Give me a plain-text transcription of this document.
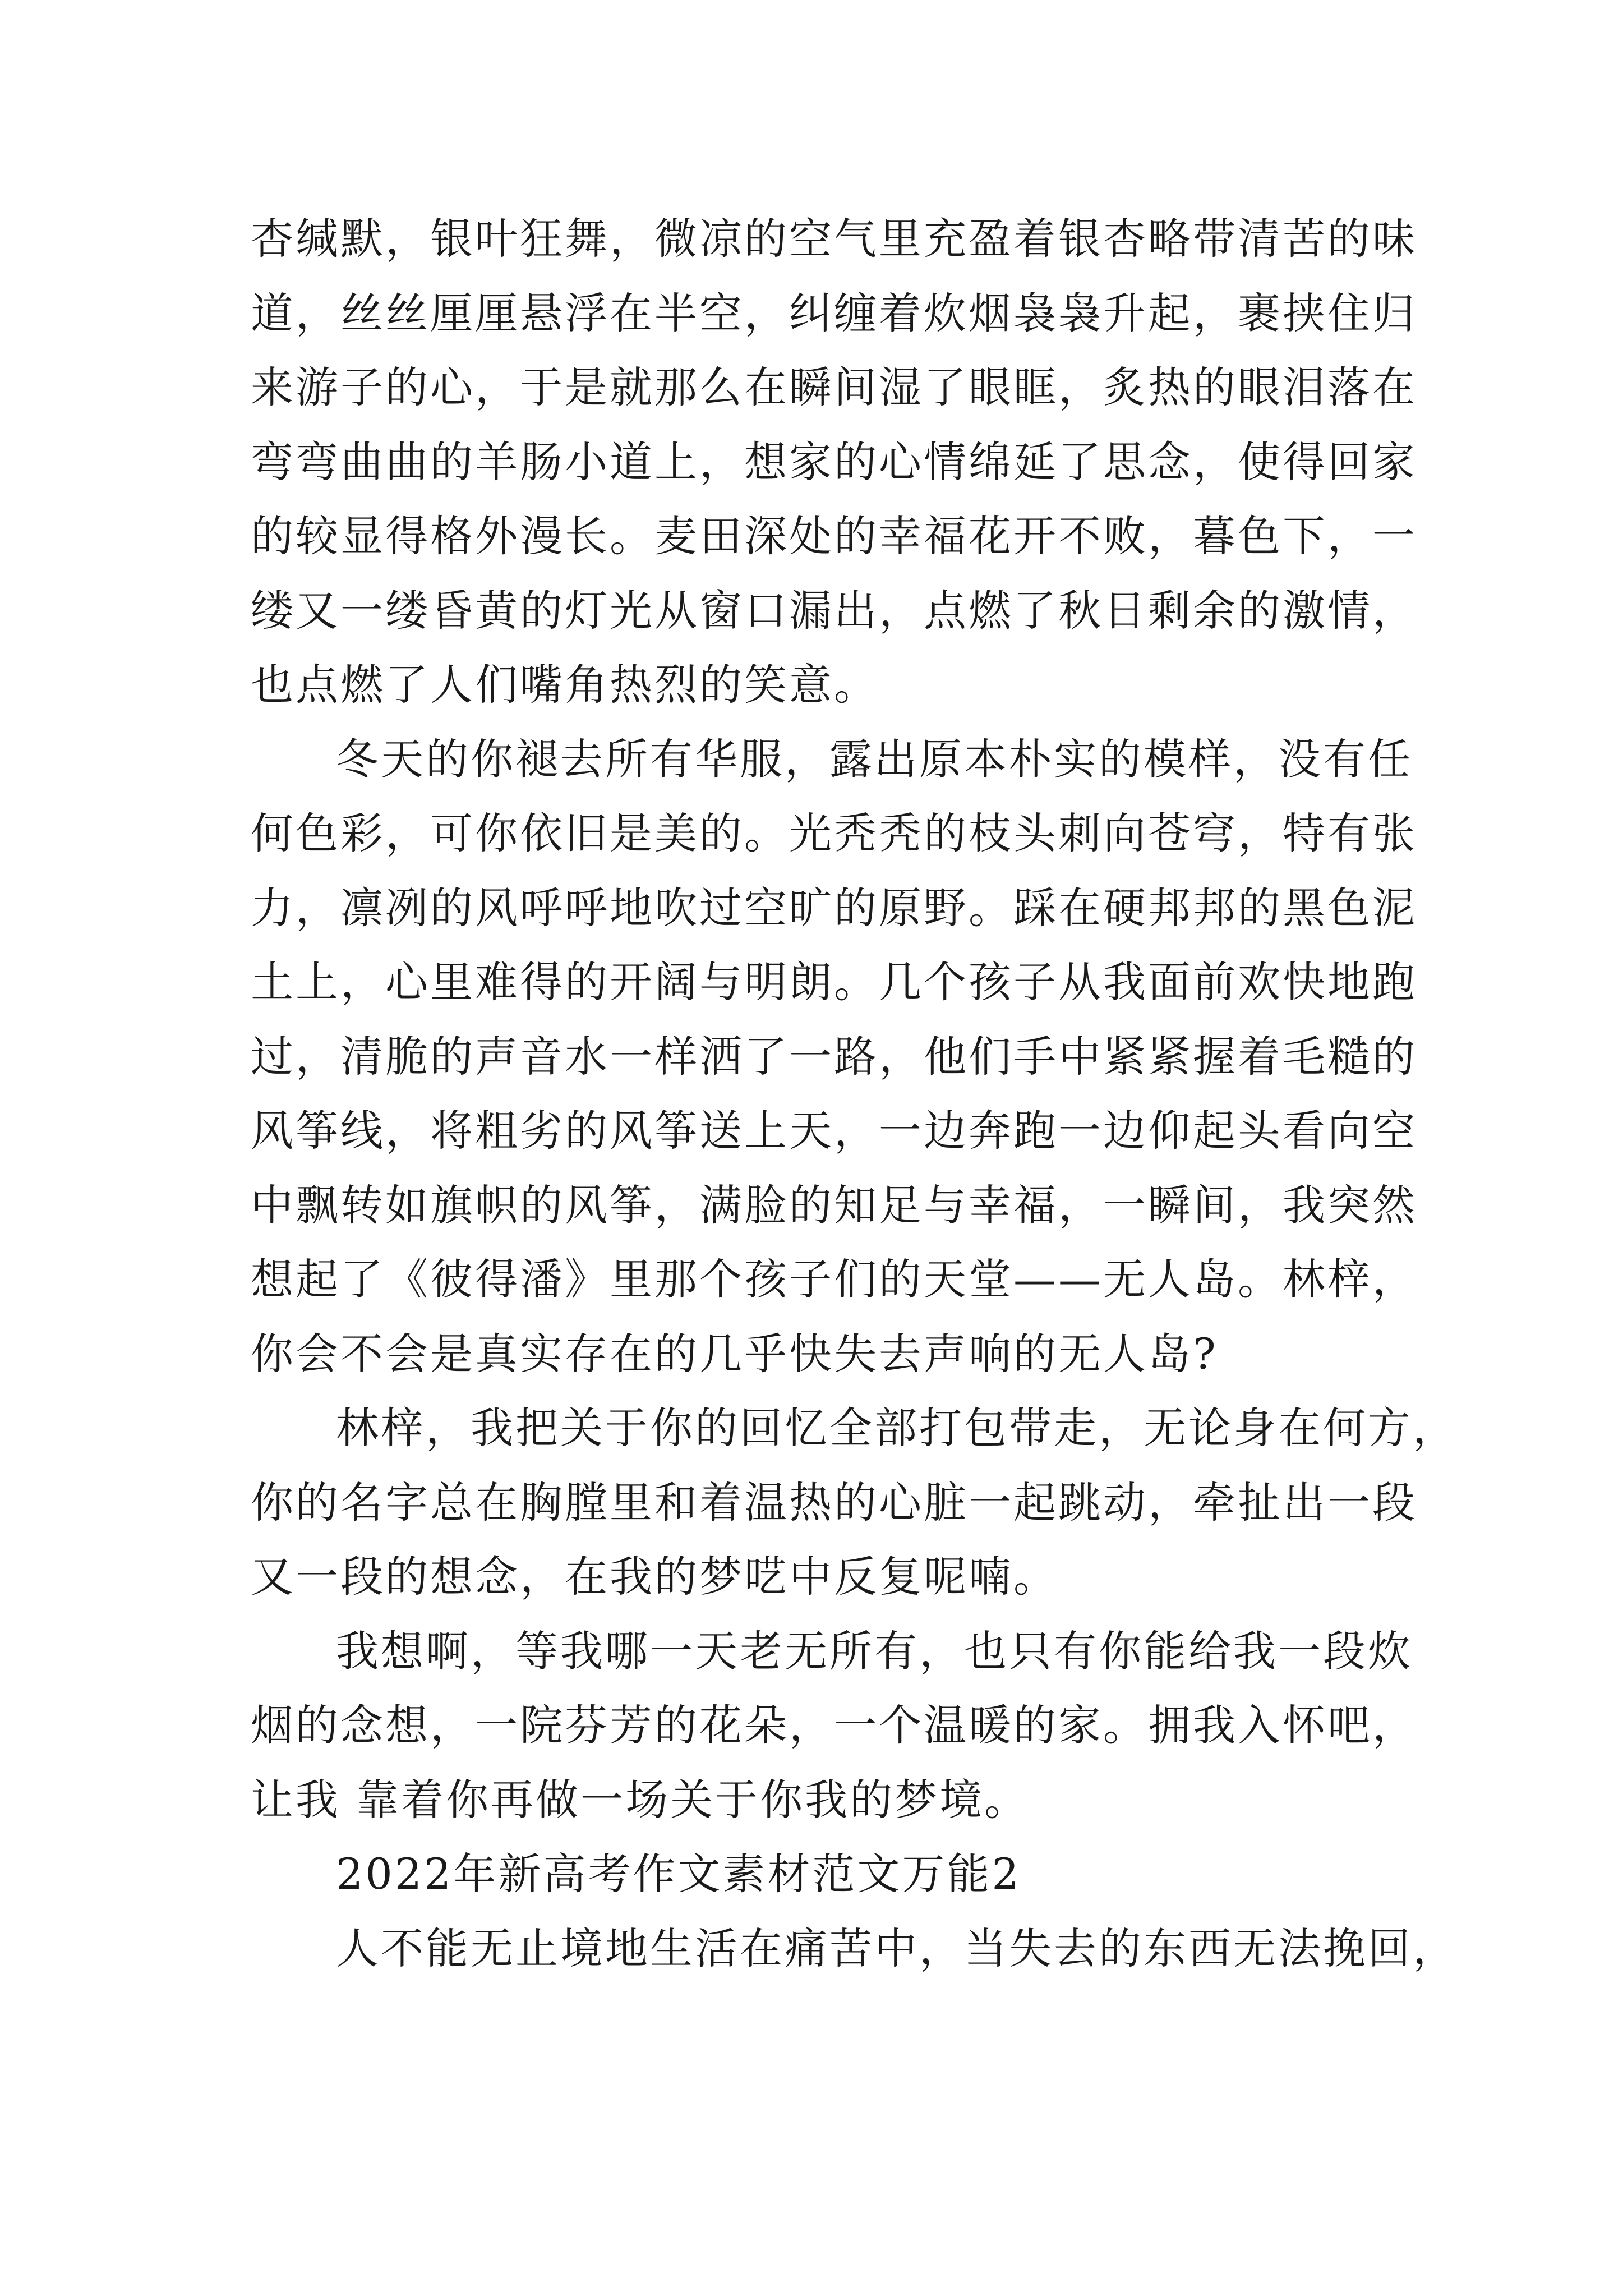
杏缄默，银叶狂舞，微凉的空气里充盈着银杏略带清苦的味
道，丝丝厘厘悬浮在半空，纠缠着炊烟袅袅升起，裹挟住归
来游子的心，于是就那么在瞬间湿了眼眶，炙热的眼泪落在
弯弯曲曲的羊肠小道上，想家的心情绵延了思念，使得回家
的较显得格外漫长。麦田深处的幸福花开不败，暮色下，一
缕又一缕昏黄的灯光从窗口漏出，点燃了秋日剩余的激情，
也点燃了人们嘴角热烈的笑意。
冬天的你褪去所有华服，露出原本朴实的模样，没有任
何色彩，可你依旧是美的。光秃秃的枝头刺向苍穹，特有张
力，凛冽的风呼呼地吹过空旷的原野。踩在硬邦邦的黑色泥
土上，心里难得的开阔与明朗。几个孩子从我面前欢快地跑
过，清脆的声音水一样洒了一路，他们手中紧紧握着毛糙的
风筝线，将粗劣的风筝送上天，一边奔跑一边仰起头看向空
中飘转如旗帜的风筝，满脸的知足与幸福，一瞬间，我突然
想起了《彼得潘》里那个孩子们的天堂——无人岛。林梓，
你会不会是真实存在的几乎快失去声响的无人岛?
林梓，我把关于你的回忆全部打包带走，无论身在何方，
你的名字总在胸膛里和着温热的心脏一起跳动，牵扯出一段
又一段的想念，在我的梦呓中反复呢喃。
我想啊，等我哪一天老无所有，也只有你能给我一段炊
烟的念想，一院芬芳的花朵，一个温暖的家。拥我入怀吧，
让我 靠着你再做一场关于你我的梦境。
2022年新高考作文素材范文万能2
人不能无止境地生活在痛苦中，当失去的东西无法挽回，
